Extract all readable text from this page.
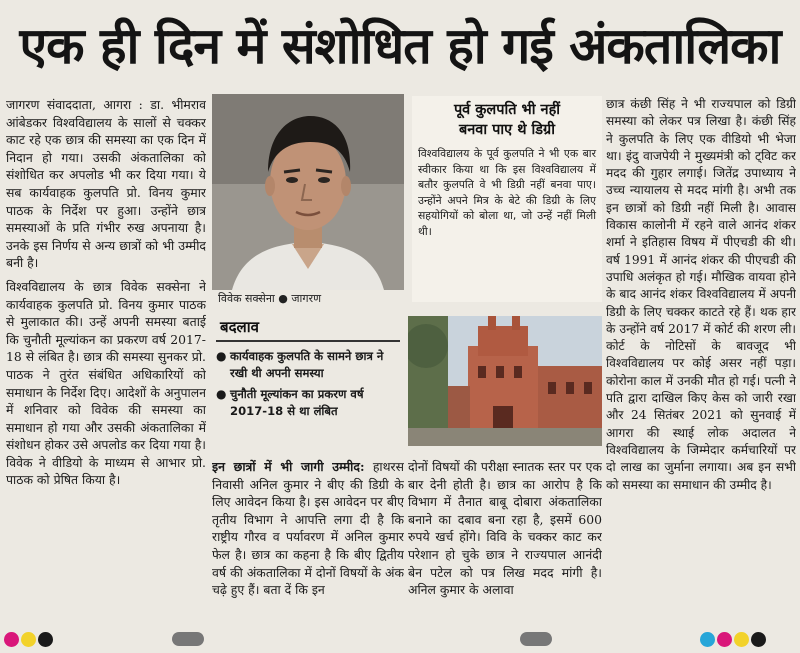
एक ही दिन में संशोधित हो गई अंकतालिका

जागरण संवाददाता, आगरा : डा. भीमराव आंबेडकर विश्वविद्यालय के सालों से चक्कर काट रहे एक छात्र की समस्या का एक दिन में निदान हो गया। उसकी अंकतालिका को संशोधित कर अपलोड भी कर दिया गया। ये सब कार्यवाहक कुलपति प्रो. विनय कुमार पाठक के निर्देश पर हुआ। उन्होंने छात्र समस्याओं के प्रति गंभीर रुख अपनाया है। उनके इस निर्णय से अन्य छात्रों को भी उम्मीद बनी है।

विश्वविद्यालय के छात्र विवेक सक्सेना ने कार्यवाहक कुलपति प्रो. विनय कुमार पाठक से मुलाकात की। उन्हें अपनी समस्या बताई कि चुनौती मूल्यांकन का प्रकरण वर्ष 2017-18 से लंबित है। छात्र की समस्या सुनकर प्रो. पाठक ने तुरंत संबंधित अधिकारियों को समाधान के निर्देश दिए। आदेशों के अनुपालन में शनिवार को विवेक की समस्या का समाधान हो गया और उसकी अंकतालिका में संशोधन होकर उसे अपलोड कर दिया गया है। विवेक ने वीडियो के माध्यम से आभार प्रो. पाठक को प्रेषित किया है।

विवेक सक्सेना ● जागरण
पूर्व कुलपति भी नहीं
बनवा पाए थे डिग्री
विश्वविद्यालय के पूर्व कुलपति ने भी एक बार स्वीकार किया था कि इस विश्वविद्यालय में बतौर कुलपति वे भी डिग्री नहीं बनवा पाए। उन्होंने अपने मित्र के बेटे की डिग्री के लिए सहयोगियों को बोला था, जो उन्हें नहीं मिली थी।
बदलाव
● कार्यवाहक कुलपति के सामने छात्र ने रखी थी अपनी समस्या
● चुनौती मूल्यांकन का प्रकरण वर्ष 2017-18 से था लंबित

इन छात्रों में भी जागी उम्मीद: हाथरस निवासी अनिल कुमार ने बीए की डिग्री के लिए आवेदन किया है। इस आवेदन पर बीए तृतीय विभाग ने आपत्ति लगा दी है कि राष्ट्रीय गौरव व पर्यावरण में अनिल कुमार फेल है। छात्र का कहना है कि बीए द्वितीय वर्ष की अंकतालिका में दोनों विषयों के अंक चढ़े हुए हैं। बता दें कि इन

दोनों विषयों की परीक्षा स्नातक स्तर पर एक बार देनी होती है। छात्र का आरोप है कि विभाग में तैनात बाबू दोबारा अंकतालिका बनाने का दबाव बना रहा है, इसमें 600 रुपये खर्च होंगे। विवि के चक्कर काट कर परेशान हो चुके छात्र ने राज्यपाल आनंदी बेन पटेल को पत्र लिख मदद मांगी है। अनिल कुमार के अलावा

छात्र कंछी सिंह ने भी राज्यपाल को डिग्री समस्या को लेकर पत्र लिखा है। कंछी सिंह ने कुलपति के लिए एक वीडियो भी भेजा था। इंदु वाजपेयी ने मुख्यमंत्री को ट्विट कर मदद की गुहार लगाई। जितेंद्र उपाध्याय ने उच्च न्यायालय से मदद मांगी है। अभी तक इन छात्रों को डिग्री नहीं मिली है। आवास विकास कालोनी में रहने वाले आनंद शंकर शर्मा ने इतिहास विषय में पीएचडी की थी। वर्ष 1991 में आनंद शंकर की पीएचडी की उपाधि अलंकृत हो गई। मौखिक वायवा होने के बाद आनंद शंकर विश्वविद्यालय में अपनी डिग्री के लिए चक्कर काटते रहे हैं। थक हार के उन्होंने वर्ष 2017 में कोर्ट की शरण ली। कोर्ट के नोटिसों के बावजूद भी विश्वविद्यालय पर कोई असर नहीं पड़ा। कोरोना काल में उनकी मौत हो गई। पत्नी ने पति द्वारा दाखिल किए केस को जारी रखा और 24 सितंबर 2021 को सुनवाई में आगरा की स्थाई लोक अदालत ने विश्वविद्यालय के जिम्मेदार कर्मचारियों पर दो लाख का जुर्माना लगाया। अब इन सभी को समस्या का समाधान की उम्मीद है।
